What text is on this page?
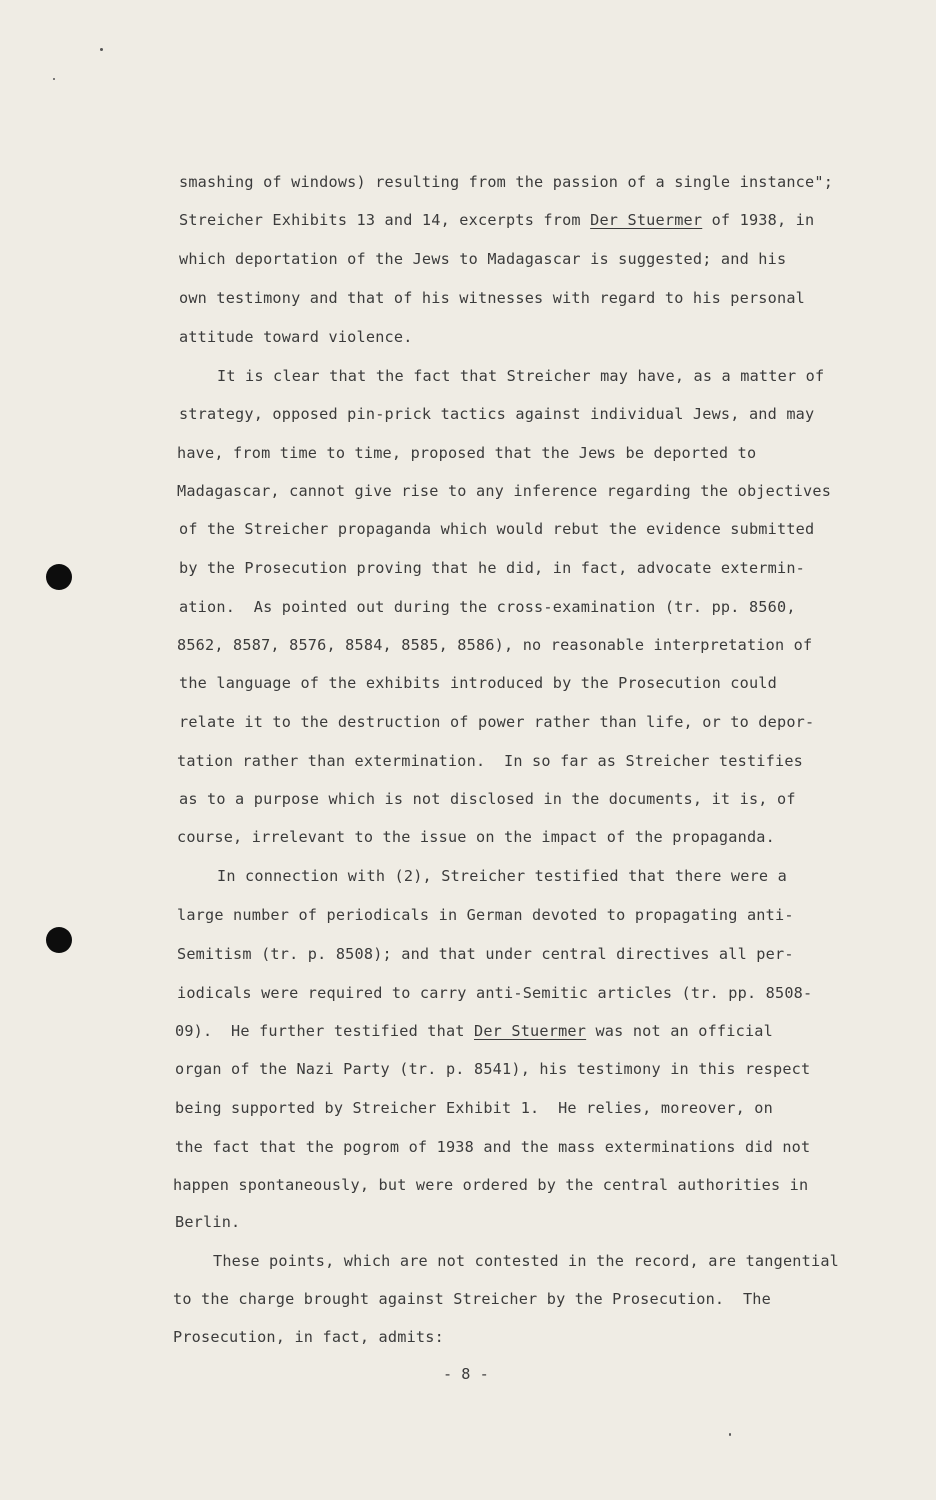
smashing of windows) resulting from the passion of a single instance";
Streicher Exhibits 13 and 14, excerpts from Der Stuermer of 1938, in
which deportation of the Jews to Madagascar is suggested; and his
own testimony and that of his witnesses with regard to his personal
attitude toward violence.
It is clear that the fact that Streicher may have, as a matter of
strategy, opposed pin-prick tactics against individual Jews, and may
have, from time to time, proposed that the Jews be deported to
Madagascar, cannot give rise to any inference regarding the objectives
of the Streicher propaganda which would rebut the evidence submitted
by the Prosecution proving that he did, in fact, advocate extermin-
ation.  As pointed out during the cross-examination (tr. pp. 8560,
8562, 8587, 8576, 8584, 8585, 8586), no reasonable interpretation of
the language of the exhibits introduced by the Prosecution could
relate it to the destruction of power rather than life, or to depor-
tation rather than extermination.  In so far as Streicher testifies
as to a purpose which is not disclosed in the documents, it is, of
course, irrelevant to the issue on the impact of the propaganda.
In connection with (2), Streicher testified that there were a
large number of periodicals in German devoted to propagating anti-
Semitism (tr. p. 8508); and that under central directives all per-
iodicals were required to carry anti-Semitic articles (tr. pp. 8508-
09).  He further testified that Der Stuermer was not an official
organ of the Nazi Party (tr. p. 8541), his testimony in this respect
being supported by Streicher Exhibit 1.  He relies, moreover, on
the fact that the pogrom of 1938 and the mass exterminations did not
happen spontaneously, but were ordered by the central authorities in
Berlin.
These points, which are not contested in the record, are tangential
to the charge brought against Streicher by the Prosecution.  The
Prosecution, in fact, admits:
- 8 -
